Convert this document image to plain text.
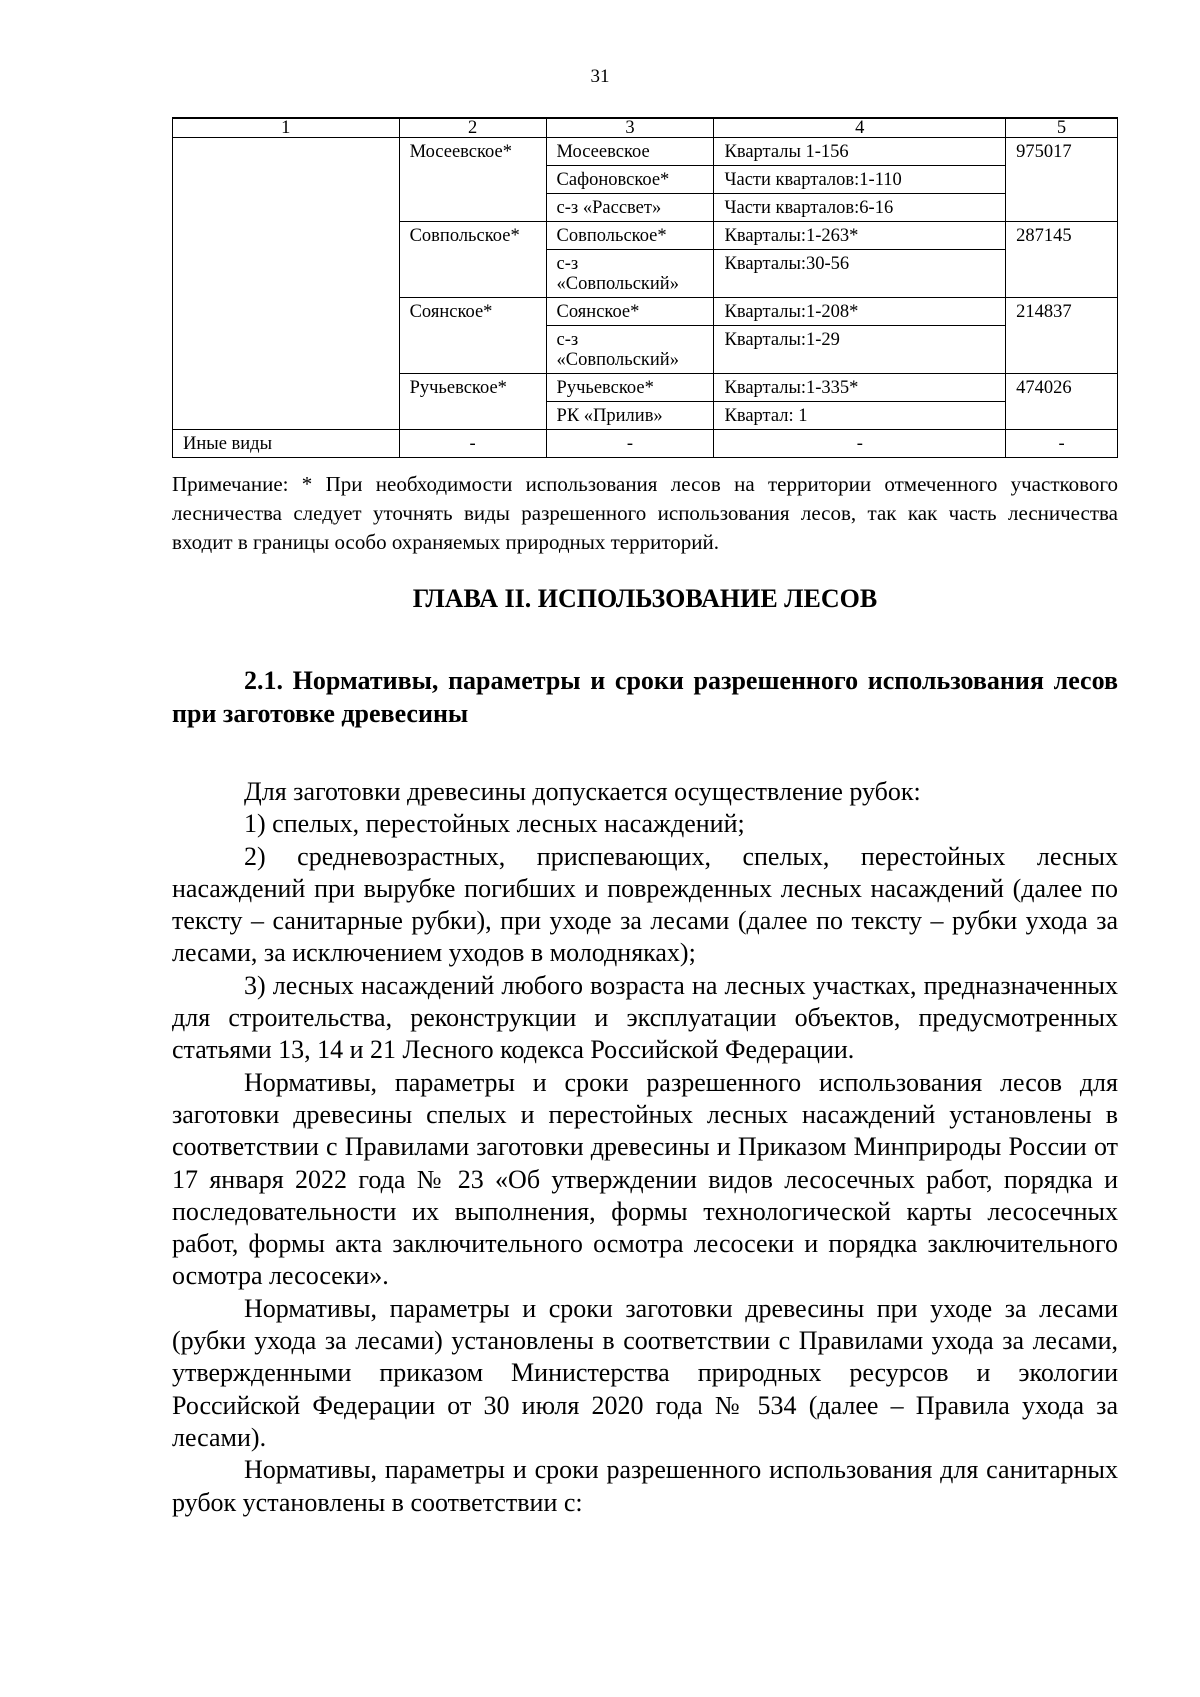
31
1	2	3	4	5
	Мосеевское*	Мосеевское	Кварталы 1-156	975017
		Сафоновское*	Части кварталов:1-110	
		с-з «Рассвет»	Части кварталов:6-16	
	Совпольское*	Совпольское*	Кварталы:1-263*	287145
		с-з «Совпольский»	Кварталы:30-56	
	Соянское*	Соянское*	Кварталы:1-208*	214837
		с-з «Совпольский»	Кварталы:1-29	
	Ручьевское*	Ручьевское*	Кварталы:1-335*	474026
		РК «Прилив»	Квартал: 1	
Иные виды	-	-	-	-
Примечание: * При необходимости использования лесов на территории отмеченного участкового лесничества следует уточнять виды разрешенного использования лесов, так как часть лесничества входит в границы особо охраняемых природных территорий.
ГЛАВА II. ИСПОЛЬЗОВАНИЕ ЛЕСОВ
2.1. Нормативы, параметры и сроки разрешенного использования лесов при заготовке древесины

Для заготовки древесины допускается осуществление рубок:

1) спелых, перестойных лесных насаждений;

2) средневозрастных, приспевающих, спелых, перестойных лесных насаждений при вырубке погибших и поврежденных лесных насаждений (далее по тексту – санитарные рубки), при уходе за лесами (далее по тексту – рубки ухода за лесами, за исключением уходов в молодняках);

3) лесных насаждений любого возраста на лесных участках, предназначенных для строительства, реконструкции и эксплуатации объектов, предусмотренных статьями 13, 14 и 21 Лесного кодекса Российской Федерации.

Нормативы, параметры и сроки разрешенного использования лесов для заготовки древесины спелых и перестойных лесных насаждений установлены в соответствии с Правилами заготовки древесины и Приказом Минприроды России от 17 января 2022 года № 23 «Об утверждении видов лесосечных работ, порядка и последовательности их выполнения, формы технологической карты лесосечных работ, формы акта заключительного осмотра лесосеки и порядка заключительного осмотра лесосеки».

Нормативы, параметры и сроки заготовки древесины при уходе за лесами (рубки ухода за лесами) установлены в соответствии с Правилами ухода за лесами, утвержденными приказом Министерства природных ресурсов и экологии Российской Федерации от 30 июля 2020 года № 534 (далее – Правила ухода за лесами).

Нормативы, параметры и сроки разрешенного использования для санитарных рубок установлены в соответствии с:
